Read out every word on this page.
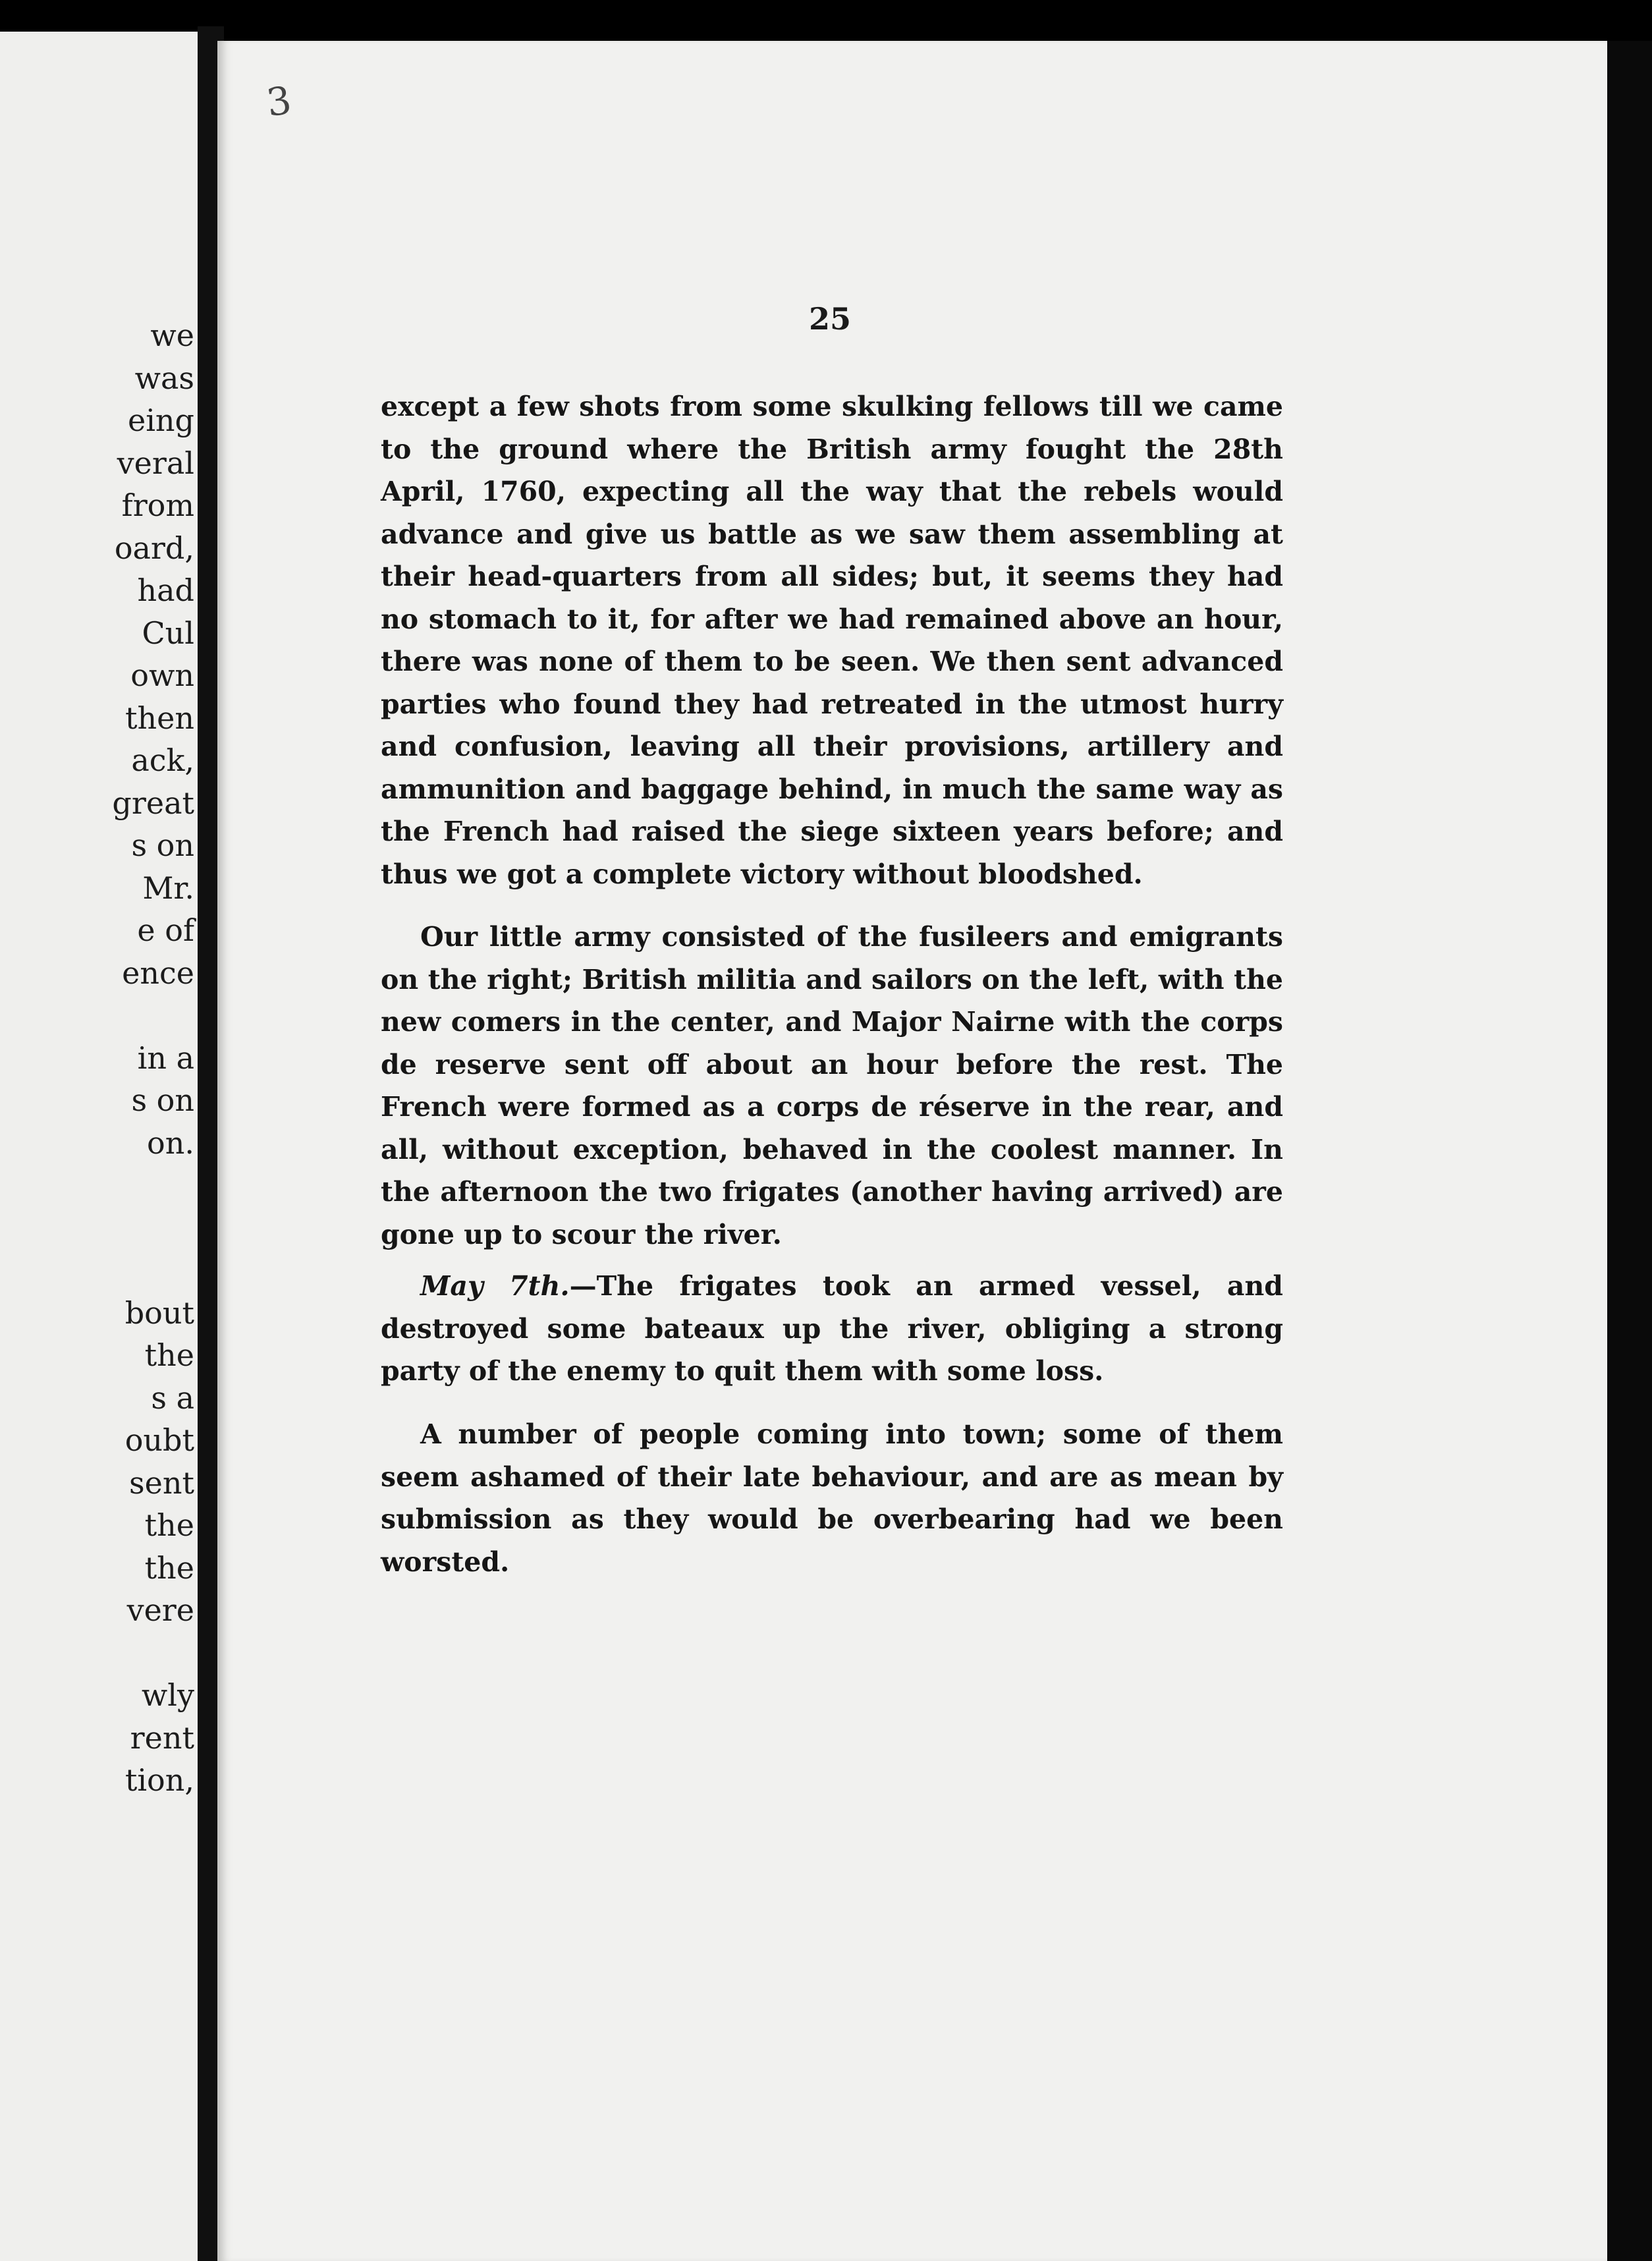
we
was
eing
veral
from
oard,
had
Cul
own
then
ack,
great
s on
Mr.
e of
ence
in a
s on
on.
bout
the
s a
oubt
sent
the
the
vere
wly
rent
tion,
3
25
except a few shots from some skulking fellows till we came to the ground where the British army fought the 28th April, 1760, expecting all the way that the rebels would advance and give us battle as we saw them assembling at their head-quarters from all sides; but, it seems they had no stomach to it, for after we had remained above an hour, there was none of them to be seen. We then sent advanced parties who found they had retreated in the utmost hurry and confusion, leaving all their provisions, artillery and ammunition and baggage behind, in much the same way as the French had raised the siege sixteen years before; and thus we got a complete victory without bloodshed.
Our little army consisted of the fusileers and emigrants on the right; British militia and sailors on the left, with the new comers in the center, and Major Nairne with the corps de reserve sent off about an hour before the rest. The French were formed as a corps de réserve in the rear, and all, without exception, behaved in the coolest manner. In the afternoon the two frigates (another having arrived) are gone up to scour the river.
May 7th.—The frigates took an armed vessel, and destroyed some bateaux up the river, obliging a strong party of the enemy to quit them with some loss.
A number of people coming into town; some of them seem ashamed of their late behaviour, and are as mean by submission as they would be overbearing had we been worsted.
